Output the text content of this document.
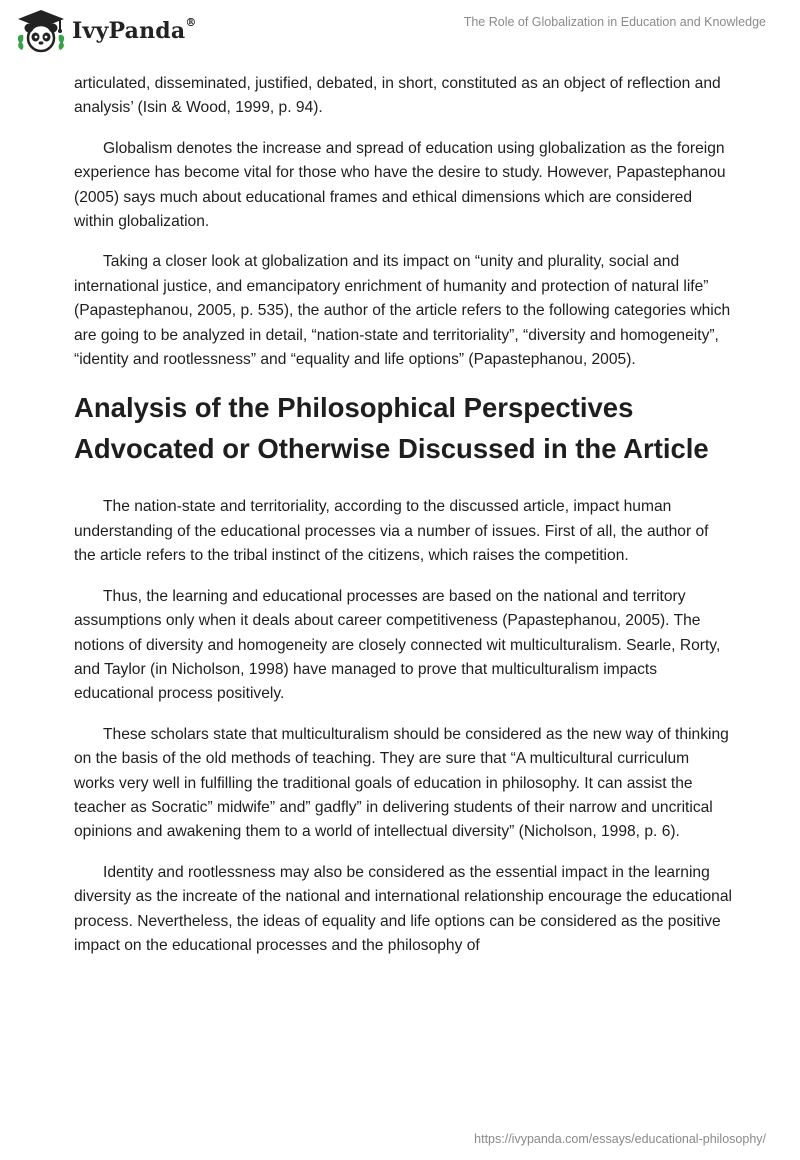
IvyPanda®	The Role of Globalization in Education and Knowledge

articulated, disseminated, justified, debated, in short, constituted as an object of reflection and analysis’ (Isin & Wood, 1999, p. 94).

Globalism denotes the increase and spread of education using globalization as the foreign experience has become vital for those who have the desire to study. However, Papastephanou (2005) says much about educational frames and ethical dimensions which are considered within globalization.

Taking a closer look at globalization and its impact on “unity and plurality, social and international justice, and emancipatory enrichment of humanity and protection of natural life” (Papastephanou, 2005, p. 535), the author of the article refers to the following categories which are going to be analyzed in detail, “nation-state and territoriality”, “diversity and homogeneity”, “identity and rootlessness” and “equality and life options” (Papastephanou, 2005).

Analysis of the Philosophical Perspectives Advocated or Otherwise Discussed in the Article

The nation-state and territoriality, according to the discussed article, impact human understanding of the educational processes via a number of issues. First of all, the author of the article refers to the tribal instinct of the citizens, which raises the competition.

Thus, the learning and educational processes are based on the national and territory assumptions only when it deals about career competitiveness (Papastephanou, 2005). The notions of diversity and homogeneity are closely connected wit multiculturalism. Searle, Rorty, and Taylor (in Nicholson, 1998) have managed to prove that multiculturalism impacts educational process positively.

These scholars state that multiculturalism should be considered as the new way of thinking on the basis of the old methods of teaching. They are sure that “A multicultural curriculum works very well in fulfilling the traditional goals of education in philosophy. It can assist the teacher as Socratic” midwife” and” gadfly” in delivering students of their narrow and uncritical opinions and awakening them to a world of intellectual diversity” (Nicholson, 1998, p. 6).

Identity and rootlessness may also be considered as the essential impact in the learning diversity as the increate of the national and international relationship encourage the educational process. Nevertheless, the ideas of equality and life options can be considered as the positive impact on the educational processes and the philosophy of

https://ivypanda.com/essays/educational-philosophy/
